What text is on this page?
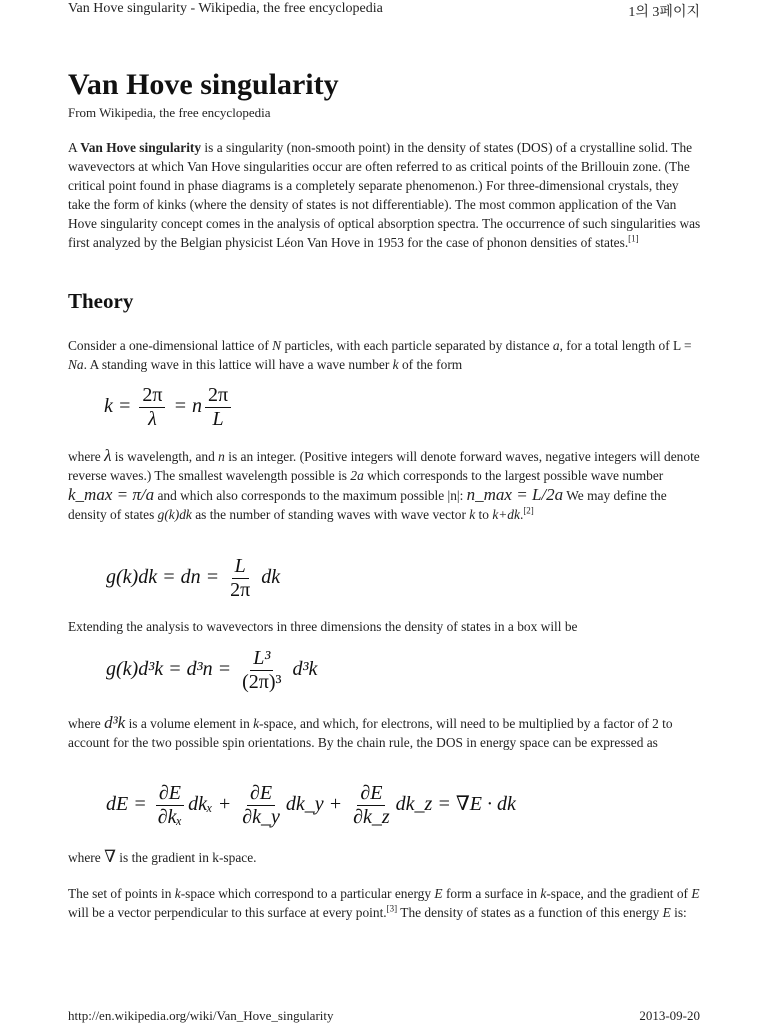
Van Hove singularity - Wikipedia, the free encyclopedia	1의 3페이지
Van Hove singularity
From Wikipedia, the free encyclopedia

A Van Hove singularity is a singularity (non-smooth point) in the density of states (DOS) of a crystalline solid. The wavevectors at which Van Hove singularities occur are often referred to as critical points of the Brillouin zone. (The critical point found in phase diagrams is a completely separate phenomenon.) For three-dimensional crystals, they take the form of kinks (where the density of states is not differentiable). The most common application of the Van Hove singularity concept comes in the analysis of optical absorption spectra. The occurrence of such singularities was first analyzed by the Belgian physicist Léon Van Hove in 1953 for the case of phonon densities of states.[1]

Theory

Consider a one-dimensional lattice of N particles, with each particle separated by distance a, for a total length of L = Na. A standing wave in this lattice will have a wave number k of the form

$k = \frac{2\pi}{\lambda} = n \frac{2\pi}{L}$

where λ is wavelength, and n is an integer. (Positive integers will denote forward waves, negative integers will denote reverse waves.) The smallest wavelength possible is 2a which corresponds to the largest possible wave number k_max = π/a and which also corresponds to the maximum possible |n|: n_max = L/2a We may define the density of states g(k)dk as the number of standing waves with wave vector k to k+dk.[2]

g(k)dk = dn = $\frac{L}{2\pi}$ dk

Extending the analysis to wavevectors in three dimensions the density of states in a box will be

$g(k)d^3k = d^3n = \frac{\text{L³}}{\text{(2π)³}} d^3k$

where d³k is a volume element in k-space, and which, for electrons, will need to be multiplied by a factor of 2 to account for the two possible spin orientations. By the chain rule, the DOS in energy space can be expressed as

dE = $\frac{\partial E}{\text{∂kₓ}}$ $dk_x + \frac{\partial E}{\partial k\_y}$ dk_y + $\frac{\partial E}{\partial k\_z}$ dk_z = ∇E · dk

where ∇ is the gradient in k-space.

The set of points in k-space which correspond to a particular energy E form a surface in k-space, and the gradient of E will be a vector perpendicular to this surface at every point.[3] The density of states as a function of this energy E is:

http://en.wikipedia.org/wiki/Van_Hove_singularity	2013-09-20
